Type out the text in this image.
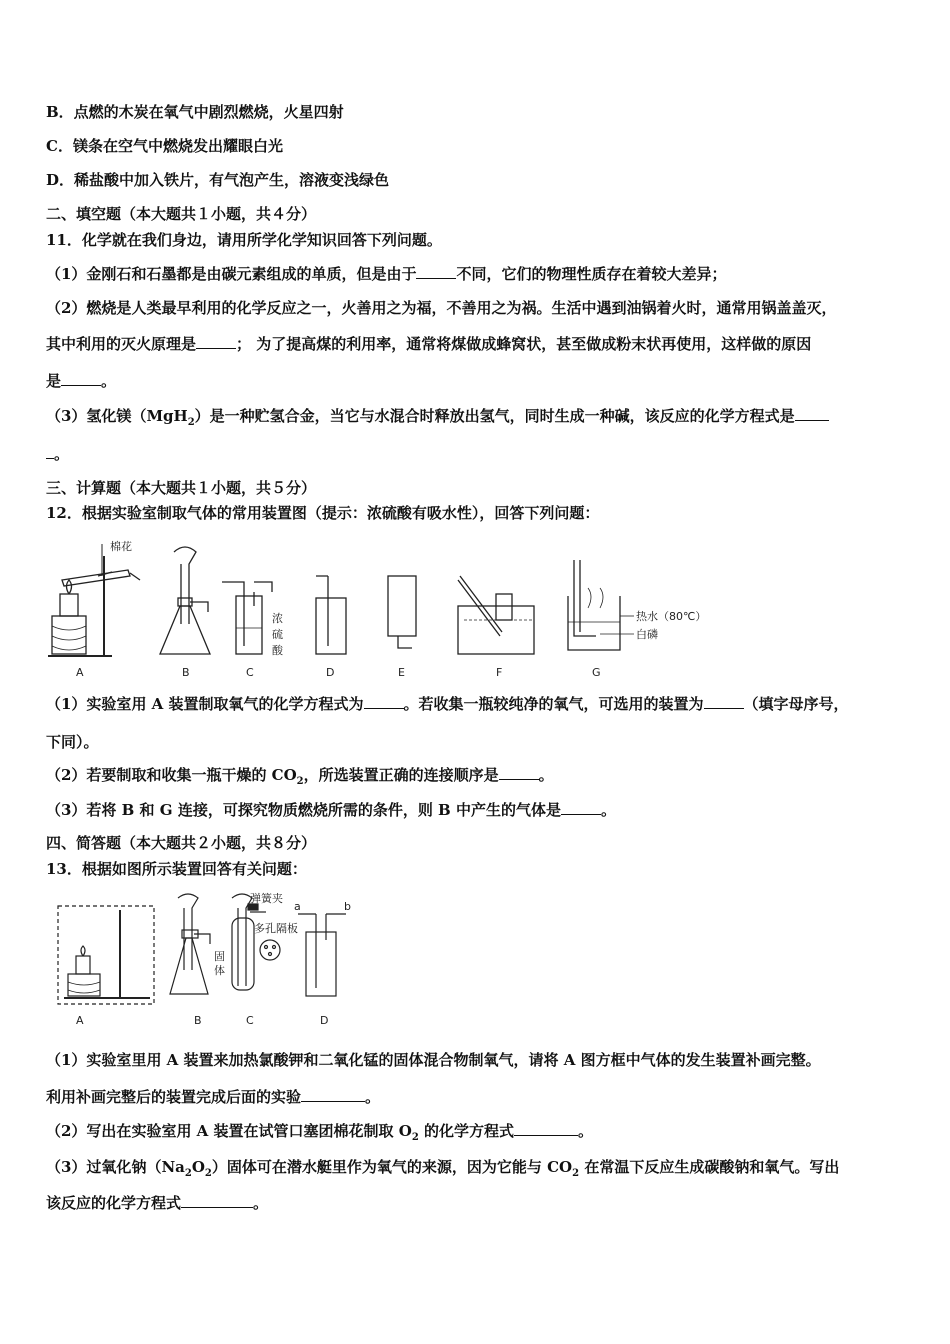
B．点燃的木炭在氧气中剧烈燃烧，火星四射
C．镁条在空气中燃烧发出耀眼白光
D．稀盐酸中加入铁片，有气泡产生，溶液变浅绿色
二、填空题（本大题共１小题，共４分）
11．化学就在我们身边，请用所学化学知识回答下列问题。
（1）金刚石和石墨都是由碳元素组成的单质，但是由于	不同，它们的物理性质存在着较大差异；
（2）燃烧是人类最早利用的化学反应之一，火善用之为福，不善用之为祸。生活中遇到油锅着火时，通常用锅盖盖灭，
其中利用的灭火原理是	； 为了提高煤的利用率，通常将煤做成蜂窝状，甚至做成粉末状再使用，这样做的原因
是	。
（3）氢化镁（MgH$_2$）是一种贮氢合金，当它与水混合时释放出氢气，同时生成一种碱，该反应的化学方程式是
。
三、计算题（本大题共１小题，共５分）
12．根据实验室制取气体的常用装置图（提示：浓硫酸有吸水性），回答下列问题：
棉花
浓
硫
酸
热水（80℃）
白磷
A	B	C	D	E	F	G
（1）实验室用 A 装置制取氧气的化学方程式为	。若收集一瓶较纯净的氧气，可选用的装置为	（填字母序号，
下同）。
（2）若要制取和收集一瓶干燥的 $CO_2$，所选装置正确的连接顺序是	。
（3）若将 B 和 G 连接，可探究物质燃烧所需的条件，则 B 中产生的气体是	。
四、简答题（本大题共２小题，共８分）
13．根据如图所示装置回答有关问题：
弹簧夹
多孔隔板
固
体
a	b
A	B	C	D
（1）实验室里用 A 装置来加热氯酸钾和二氧化锰的固体混合物制氧气，请将 A 图方框中气体的发生装置补画完整。
利用补画完整后的装置完成后面的实验	。
（2）写出在实验室用 A 装置在试管口塞团棉花制取 $O_2$ 的化学方程式	。
（3）过氧化钠$(Na_2O_2)$固体可在潜水艇里作为氧气的来源，因为它能与 $CO_2$ 在常温下反应生成碳酸钠和氧气。写出
该反应的化学方程式	。
